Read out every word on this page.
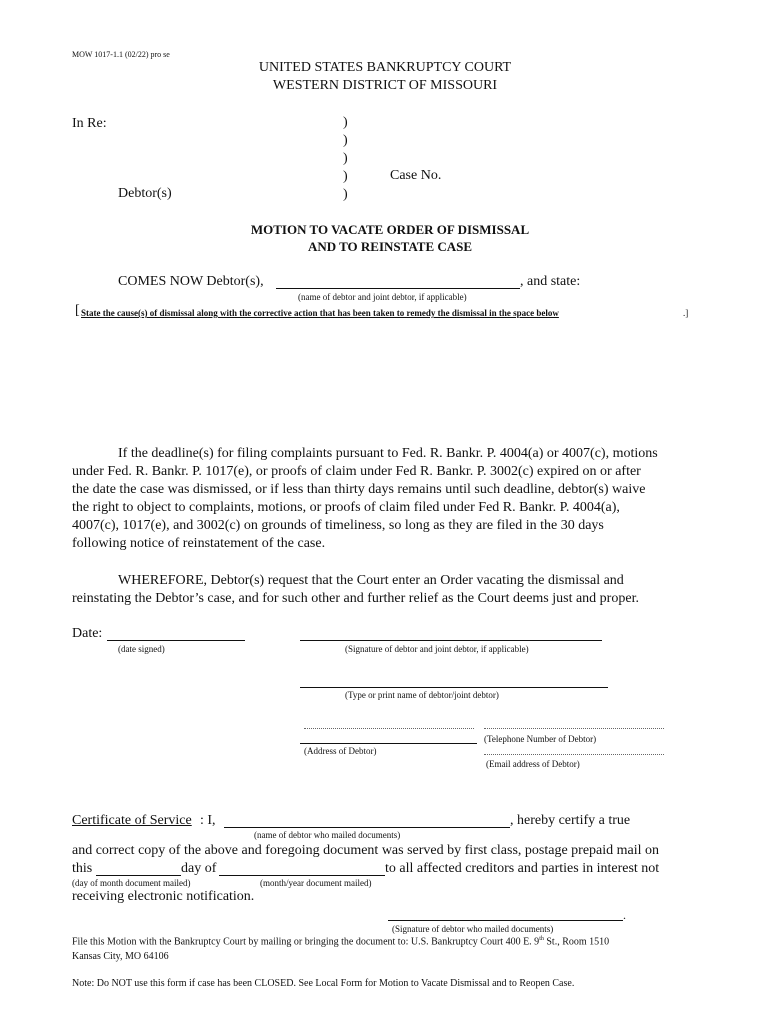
MOW 1017-1.1 (02/22) pro se
UNITED STATES BANKRUPTCY COURT
WESTERN DISTRICT OF MISSOURI
In Re:
Debtor(s)
)
)
)
)
)
Case No.
MOTION TO VACATE ORDER OF DISMISSAL
AND TO REINSTATE CASE
COMES NOW Debtor(s),	, and state:
(name of debtor and joint debtor, if applicable)
[ State the cause(s) of dismissal along with the corrective action that has been taken to remedy the dismissal in the space below	.]
If the deadline(s) for filing complaints pursuant to Fed. R. Bankr. P. 4004(a) or 4007(c), motions
under Fed. R. Bankr. P. 1017(e), or proofs of claim under Fed R. Bankr. P. 3002(c) expired on or after
the date the case was dismissed, or if less than thirty days remains until such deadline, debtor(s) waive
the right to object to complaints, motions, or proofs of claim filed under Fed R. Bankr. P. 4004(a),
4007(c), 1017(e), and 3002(c) on grounds of timeliness, so long as they are filed in the 30 days
following notice of reinstatement of the case.
WHEREFORE, Debtor(s) request that the Court enter an Order vacating the dismissal and
reinstating the Debtor’s case, and for such other and further relief as the Court deems just and proper.
Date:
(date signed)	(Signature of debtor and joint debtor, if applicable)
(Type or print name of debtor/joint debtor)
(Address of Debtor)
(Telephone Number of Debtor)
(Email address of Debtor)
Certificate of Service : I,	, hereby certify a true
(name of debtor who mailed documents)
and correct copy of the above and foregoing document was served by first class, postage prepaid mail on
this	day of	to all affected creditors and parties in interest not
(day of month document mailed)	(month/year document mailed)
receiving electronic notification.
.
(Signature of debtor who mailed documents)
File this Motion with the Bankruptcy Court by mailing or bringing the document to: U.S. Bankruptcy Court 400 E. 9th St., Room 1510
Kansas City, MO 64106
Note: Do NOT use this form if case has been CLOSED. See Local Form for Motion to Vacate Dismissal and to Reopen Case.
